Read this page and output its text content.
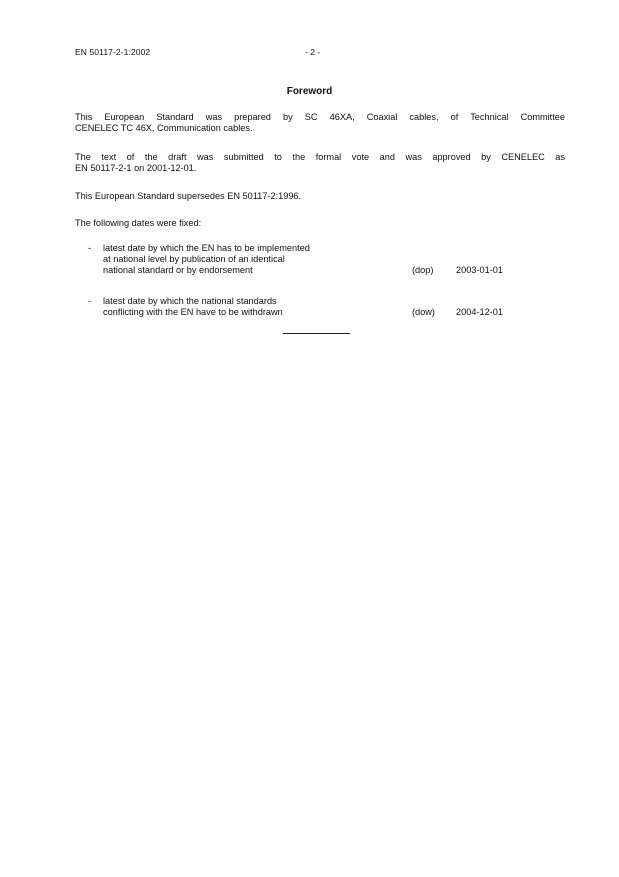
EN 50117-2-1:2002	- 2 -
Foreword

This European Standard was prepared by SC 46XA, Coaxial cables, of Technical Committee
CENELEC TC 46X, Communication cables.

The text of the draft was submitted to the formal vote and was approved by CENELEC as
EN 50117-2-1 on 2001-12-01.

This European Standard supersedes EN 50117-2:1996.

The following dates were fixed:

- latest date by which the EN has to be implemented
at national level by publication of an identical
national standard or by endorsement	(dop) 2003-01-01
- latest date by which the national standards
conflicting with the EN have to be withdrawn	(dow) 2004-12-01
